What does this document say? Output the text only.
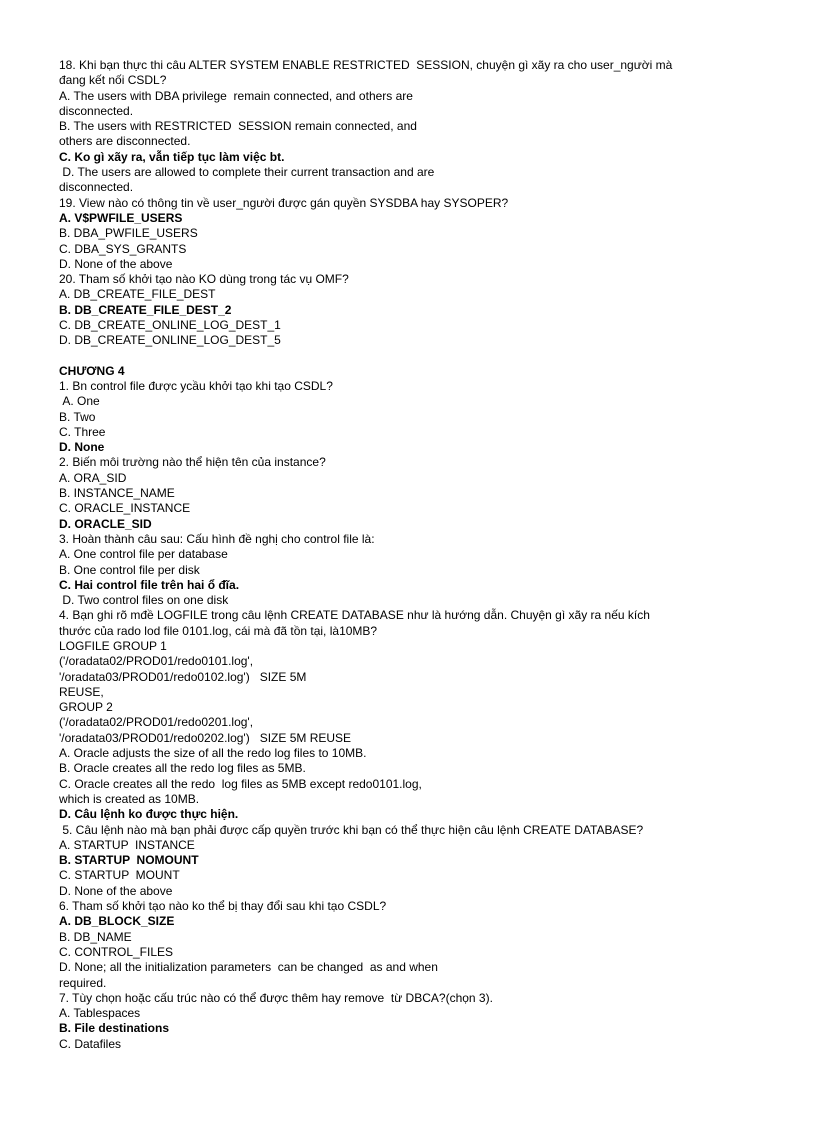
18. Khi bạn thực thi câu ALTER SYSTEM ENABLE RESTRICTED  SESSION, chuyện gì xãy ra cho user_người mà

đang kết nối CSDL?

A. The users with DBA privilege  remain connected, and others are

disconnected.

B. The users with RESTRICTED  SESSION remain connected, and

others are disconnected.

C. Ko gì xãy ra, vẫn tiếp tục làm việc bt.

D. The users are allowed to complete their current transaction and are

disconnected.

19. View nào có thông tin về user_người được gán quyền SYSDBA hay SYSOPER?

A. V$PWFILE_USERS

B. DBA_PWFILE_USERS

C. DBA_SYS_GRANTS

D. None of the above

20. Tham số khởi tạo nào KO dùng trong tác vụ OMF?

A. DB_CREATE_FILE_DEST

B. DB_CREATE_FILE_DEST_2

C. DB_CREATE_ONLINE_LOG_DEST_1

D. DB_CREATE_ONLINE_LOG_DEST_5

CHƯƠNG 4

1. Bn control file được ycầu khởi tạo khi tạo CSDL?

A. One

B. Two

C. Three

D. None

2. Biến môi trường nào thể hiện tên của instance?

A. ORA_SID

B. INSTANCE_NAME

C. ORACLE_INSTANCE

D. ORACLE_SID

3. Hoàn thành câu sau: Cấu hình đề nghị cho control file là:

A. One control file per database

B. One control file per disk

C. Hai control file trên hai ổ đĩa.

D. Two control files on one disk

4. Bạn ghi rõ mđề LOGFILE trong câu lệnh CREATE DATABASE như là hướng dẫn. Chuyện gì xãy ra nếu kích

thước của rado lod file 0101.log, cái mà đã tồn tại, là10MB?

LOGFILE GROUP 1

('/oradata02/PROD01/redo0101.log',

'/oradata03/PROD01/redo0102.log')   SIZE 5M

REUSE,

GROUP 2

('/oradata02/PROD01/redo0201.log',

'/oradata03/PROD01/redo0202.log')   SIZE 5M REUSE

A. Oracle adjusts the size of all the redo log files to 10MB.

B. Oracle creates all the redo log files as 5MB.

C. Oracle creates all the redo  log files as 5MB except redo0101.log,

which is created as 10MB.

D. Câu lệnh ko được thực hiện.

5. Câu lệnh nào mà bạn phải được cấp quyền trước khi bạn có thể thực hiện câu lệnh CREATE DATABASE?

A. STARTUP  INSTANCE

B. STARTUP  NOMOUNT

C. STARTUP  MOUNT

D. None of the above

6. Tham số khởi tạo nào ko thể bị thay đổi sau khi tạo CSDL?

A. DB_BLOCK_SIZE

B. DB_NAME

C. CONTROL_FILES

D. None; all the initialization parameters  can be changed  as and when

required.

7. Tùy chọn hoặc cấu trúc nào có thể được thêm hay remove  từ DBCA?(chọn 3).

A. Tablespaces

B. File destinations

C. Datafiles
